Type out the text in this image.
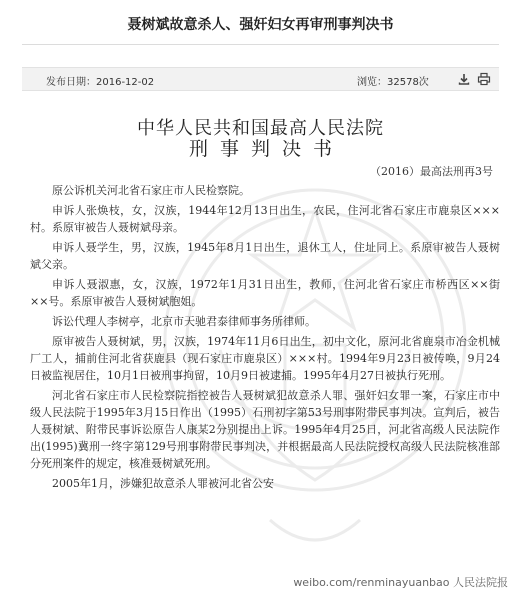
聂树斌故意杀人、强奸妇女再审刑事判决书
发布日期：2016-12-02	浏览：32578次
中华人民共和国最高人民法院
刑事判决书
（2016）最高法刑再3号

原公诉机关河北省石家庄市人民检察院。

申诉人张焕枝，女，汉族，1944年12月13日出生，农民，住河北省石家庄市鹿泉区×××村。系原审被告人聂树斌母亲。

申诉人聂学生，男，汉族，1945年8月1日出生，退休工人，住址同上。系原审被告人聂树斌父亲。

申诉人聂淑惠，女，汉族，1972年1月31日出生，教师，住河北省石家庄市桥西区××街××号。系原审被告人聂树斌胞姐。

诉讼代理人李树亭，北京市天驰君泰律师事务所律师。

原审被告人聂树斌，男，汉族，1974年11月6日出生，初中文化，原河北省鹿泉市冶金机械厂工人，捕前住河北省获鹿县（现石家庄市鹿泉区）×××村。1994年9月23日被传唤，9月24日被监视居住，10月1日被刑事拘留，10月9日被逮捕。1995年4月27日被执行死刑。

河北省石家庄市人民检察院指控被告人聂树斌犯故意杀人罪、强奸妇女罪一案，石家庄市中级人民法院于1995年3月15日作出（1995）石刑初字第53号刑事附带民事判决。宣判后，被告人聂树斌、附带民事诉讼原告人康某2分别提出上诉。1995年4月25日，河北省高级人民法院作出(1995)冀刑一终字第129号刑事附带民事判决，并根据最高人民法院授权高级人民法院核准部分死刑案件的规定，核准聂树斌死刑。

2005年1月，涉嫌犯故意杀人罪被河北省公安

weibo.com/renminayuanbao 人民法院报
